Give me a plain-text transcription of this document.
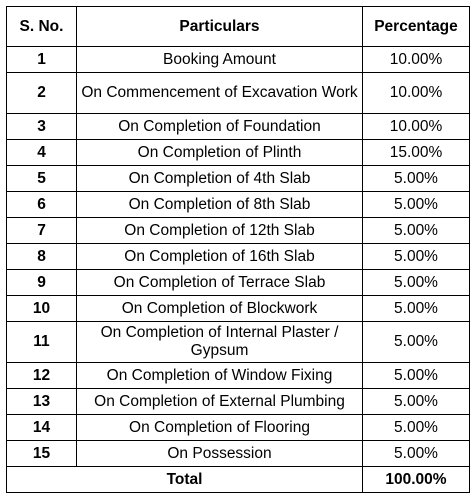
S. No.	Particulars	Percentage
1	Booking Amount	10.00%
2	On Commencement of Excavation Work	10.00%
3	On Completion of Foundation	10.00%
4	On Completion of Plinth	15.00%
5	On Completion of 4th Slab	5.00%
6	On Completion of 8th Slab	5.00%
7	On Completion of 12th Slab	5.00%
8	On Completion of 16th Slab	5.00%
9	On Completion of Terrace Slab	5.00%
10	On Completion of Blockwork	5.00%
11	On Completion of Internal Plaster / Gypsum	5.00%
12	On Completion of Window Fixing	5.00%
13	On Completion of External Plumbing	5.00%
14	On Completion of Flooring	5.00%
15	On Possession	5.00%
Total		100.00%
